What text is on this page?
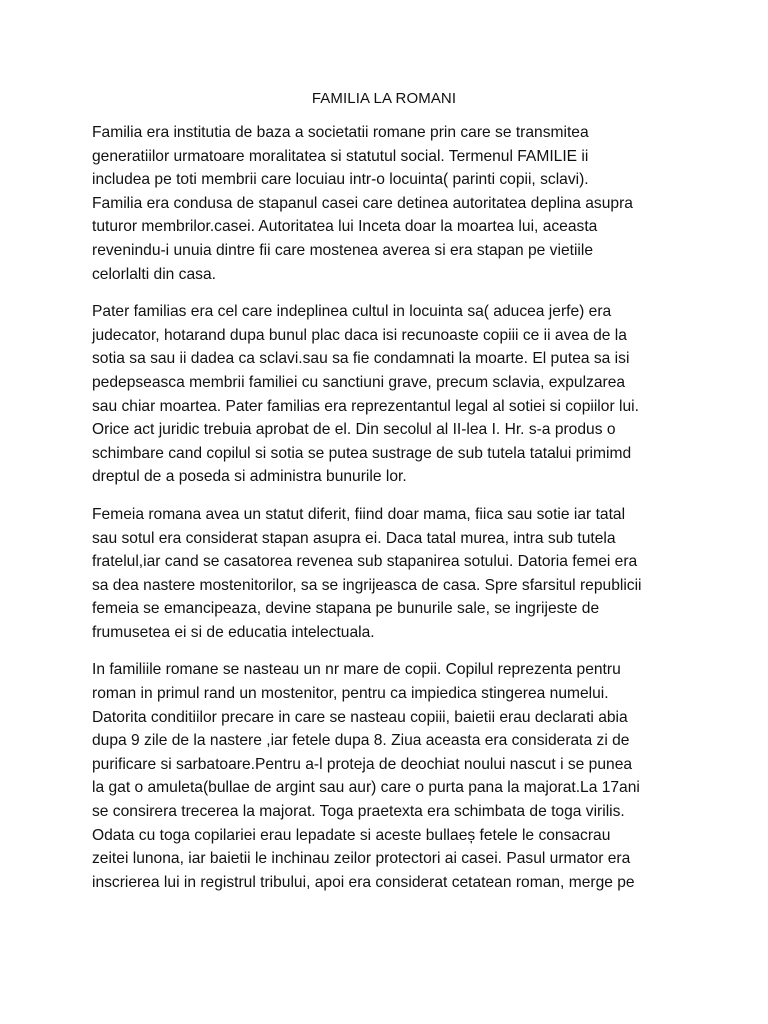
FAMILIA LA ROMANI

Familia era institutia de baza a societatii romane prin care se transmitea
generatiilor urmatoare moralitatea si statutul social. Termenul FAMILIE ii
includea pe toti membrii care locuiau intr-o locuinta( parinti copii, sclavi).
Familia era condusa de stapanul casei care detinea autoritatea deplina asupra
tuturor membrilor.casei. Autoritatea lui Inceta doar la moartea lui, aceasta
revenindu-i unuia dintre fii care mostenea averea si era stapan pe vietiile
celorlalti din casa.

Pater familias era cel care indeplinea cultul in locuinta sa( aducea jerfe) era
judecator, hotarand dupa bunul plac daca isi recunoaste copiii ce ii avea de la
sotia sa sau ii dadea ca sclavi.sau sa fie condamnati la moarte. El putea sa isi
pedepseasca membrii familiei cu sanctiuni grave, precum sclavia, expulzarea
sau chiar moartea. Pater familias era reprezentantul legal al sotiei si copiilor lui.
Orice act juridic trebuia aprobat de el. Din secolul al II-lea I. Hr. s-a produs o
schimbare cand copilul si sotia se putea sustrage de sub tutela tatalui primimd
dreptul de a poseda si administra bunurile lor.

Femeia romana avea un statut diferit, fiind doar mama, fiica sau sotie iar tatal
sau sotul era considerat stapan asupra ei. Daca tatal murea, intra sub tutela
fratelul,iar cand se casatorea revenea sub stapanirea sotului. Datoria femei era
sa dea nastere mostenitorilor, sa se ingrijeasca de casa. Spre sfarsitul republicii
femeia se emancipeaza, devine stapana pe bunurile sale, se ingrijeste de
frumusetea ei si de educatia intelectuala.

In familiile romane se nasteau un nr mare de copii. Copilul reprezenta pentru
roman in primul rand un mostenitor, pentru ca impiedica stingerea numelui.
Datorita conditiilor precare in care se nasteau copiii, baietii erau declarati abia
dupa 9 zile de la nastere ,iar fetele dupa 8. Ziua aceasta era considerata zi de
purificare si sarbatoare.Pentru a-l proteja de deochiat noului nascut i se punea
la gat o amuleta(bullae de argint sau aur) care o purta pana la majorat.La 17ani
se consirera trecerea la majorat. Toga praetexta era schimbata de toga virilis.
Odata cu toga copilariei erau lepadate si aceste bullaeș fetele le consacrau
zeitei lunona, iar baietii le inchinau zeilor protectori ai casei. Pasul urmator era
inscrierea lui in registrul tribului, apoi era considerat cetatean roman, merge pe
